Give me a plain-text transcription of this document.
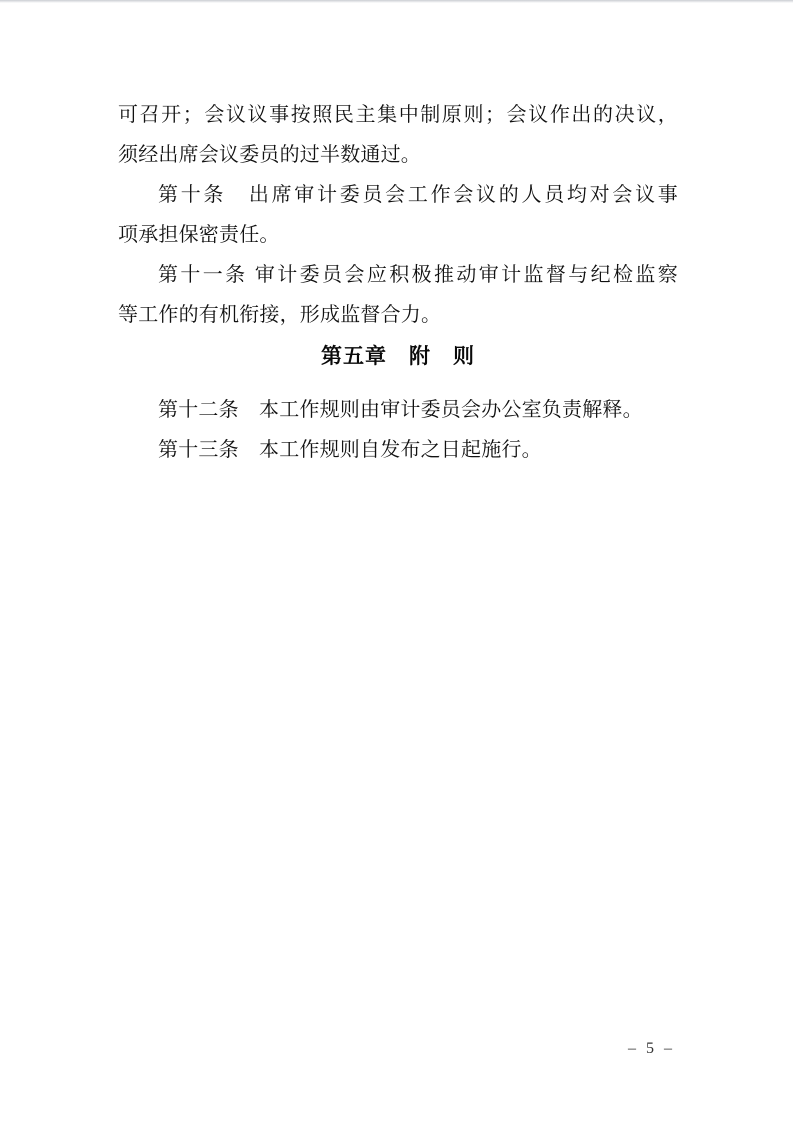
可召开；会议议事按照民主集中制原则；会议作出的决议，
须经出席会议委员的过半数通过。
第十条　出席审计委员会工作会议的人员均对会议事
项承担保密责任。
第十一条 审计委员会应积极推动审计监督与纪检监察
等工作的有机衔接，形成监督合力。
第五章　附　则
第十二条　本工作规则由审计委员会办公室负责解释。
第十三条　本工作规则自发布之日起施行。
– 5 –
